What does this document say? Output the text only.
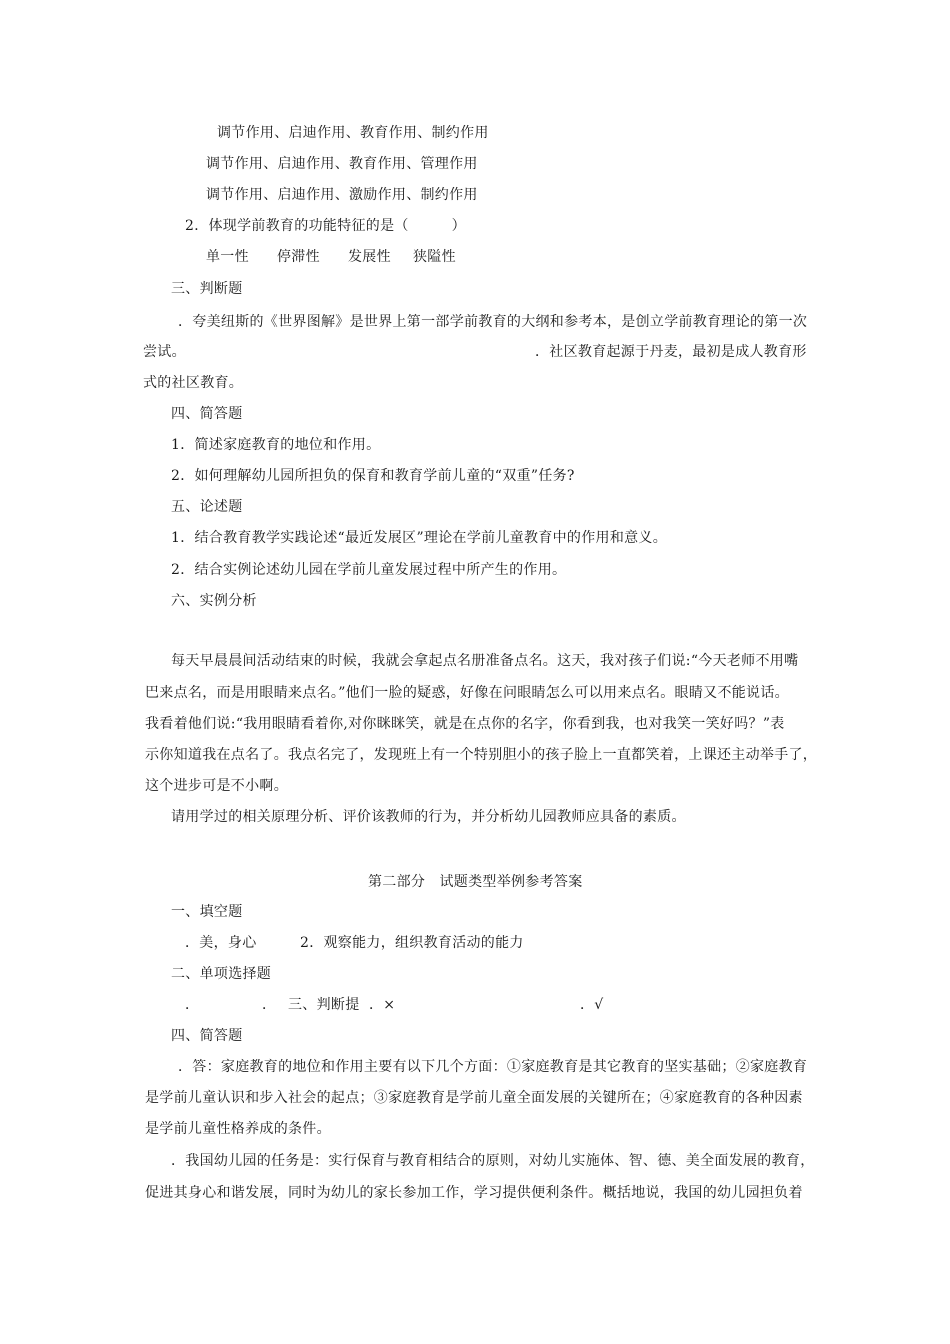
调节作用、启迪作用、教育作用、制约作用
调节作用、启迪作用、教育作用、管理作用
调节作用、启迪作用、激励作用、制约作用
2．体现学前教育的功能特征的是（　　　）
单一性 停滞性 发展性 狭隘性
三、判断题
．夸美纽斯的《世界图解》是世界上第一部学前教育的大纲和参考本，是创立学前教育理论的第一次
尝试。	．社区教育起源于丹麦，最初是成人教育形
式的社区教育。
四、简答题
1．简述家庭教育的地位和作用。
2．如何理解幼儿园所担负的保育和教育学前儿童的“双重”任务?
五、论述题
1．结合教育教学实践论述“最近发展区”理论在学前儿童教育中的作用和意义。
2．结合实例论述幼儿园在学前儿童发展过程中所产生的作用。
六、实例分析
每天早晨晨间活动结束的时候，我就会拿起点名册准备点名。这天，我对孩子们说:“今天老师不用嘴
巴来点名，而是用眼睛来点名。”他们一脸的疑惑，好像在问眼睛怎么可以用来点名。眼睛又不能说话。
我看着他们说:“我用眼睛看着你,对你眯眯笑，就是在点你的名字，你看到我，也对我笑一笑好吗？”表
示你知道我在点名了。我点名完了，发现班上有一个特别胆小的孩子脸上一直都笑着，上课还主动举手了，
这个进步可是不小啊。
请用学过的相关原理分析、评价该教师的行为，并分析幼儿园教师应具备的素质。
第二部分　试题类型举例参考答案
一、填空题
．美，身心	2．观察能力，组织教育活动的能力
二、单项选择题
．	． 三、判断提  ．×	．√
四、简答题
．答：家庭教育的地位和作用主要有以下几个方面：①家庭教育是其它教育的坚实基础；②家庭教育
是学前儿童认识和步入社会的起点；③家庭教育是学前儿童全面发展的关键所在；④家庭教育的各种因素
是学前儿童性格养成的条件。
．我国幼儿园的任务是：实行保育与教育相结合的原则，对幼儿实施体、智、德、美全面发展的教育，
促进其身心和谐发展，同时为幼儿的家长参加工作，学习提供便利条件。概括地说，我国的幼儿园担负着
